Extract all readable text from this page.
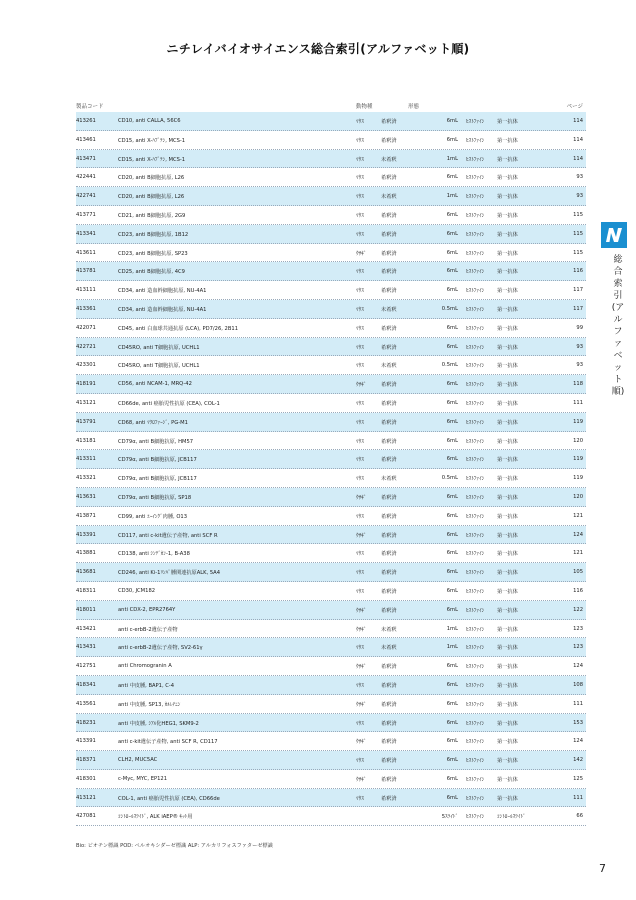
ニチレイバイオサイエンス総合索引(アルファベット順)
製品コード	動物種	形態	ページ
413261	CD10, anti CALLA, 56C6	ﾏｳｽ	希釈済	6mL ﾋｽﾄﾌｧｲﾝ 第一抗体	114
413461	CD15, anti X-ﾊﾌﾟﾃﾝ, MCS-1	ﾏｳｽ	希釈済	6mL ﾋｽﾄﾌｧｲﾝ 第一抗体	114
413471	CD15, anti X-ﾊﾌﾟﾃﾝ, MCS-1	ﾏｳｽ	未希釈	1mL ﾋｽﾄﾌｧｲﾝ 第一抗体	114
422441	CD20, anti B細胞抗原, L26	ﾏｳｽ	希釈済	6mL ﾋｽﾄﾌｧｲﾝ 第一抗体	93
422741	CD20, anti B細胞抗原, L26	ﾏｳｽ	未希釈	1mL ﾋｽﾄﾌｧｲﾝ 第一抗体	93
413771	CD21, anti B細胞抗原, 2G9	ﾏｳｽ	希釈済	6mL ﾋｽﾄﾌｧｲﾝ 第一抗体	115
413341	CD23, anti B細胞抗原, 1B12	ﾏｳｽ	希釈済	6mL ﾋｽﾄﾌｧｲﾝ 第一抗体	115
413611	CD23, anti B細胞抗原, SP23	ｳｻｷﾞ	希釈済	6mL ﾋｽﾄﾌｧｲﾝ 第一抗体	115
413781	CD25, anti B細胞抗原, 4C9	ﾏｳｽ	希釈済	6mL ﾋｽﾄﾌｧｲﾝ 第一抗体	116
413111	CD34, anti 造血幹細胞抗原, NU-4A1	ﾏｳｽ	希釈済	6mL ﾋｽﾄﾌｧｲﾝ 第一抗体	117
413361	CD34, anti 造血幹細胞抗原, NU-4A1	ﾏｳｽ	未希釈	0.5mL ﾋｽﾄﾌｧｲﾝ 第一抗体	117
422071	CD45, anti 白血球共通抗原 (LCA), PD7/26, 2B11	ﾏｳｽ	希釈済	6mL ﾋｽﾄﾌｧｲﾝ 第一抗体	99
422721	CD45RO, anti T細胞抗原, UCHL1	ﾏｳｽ	希釈済	6mL ﾋｽﾄﾌｧｲﾝ 第一抗体	93
423301	CD45RO, anti T細胞抗原, UCHL1	ﾏｳｽ	未希釈	0.5mL ﾋｽﾄﾌｧｲﾝ 第一抗体	93
418191	CD56, anti NCAM-1, MRQ-42	ｳｻｷﾞ	希釈済	6mL ﾋｽﾄﾌｧｲﾝ 第一抗体	118
413121	CD66de, anti 癌胎児性抗原 (CEA), COL-1	ﾏｳｽ	希釈済	6mL ﾋｽﾄﾌｧｲﾝ 第一抗体	111
413791	CD68, anti ﾏｸﾛﾌｧｰｼﾞ, PG-M1	ﾏｳｽ	希釈済	6mL ﾋｽﾄﾌｧｲﾝ 第一抗体	119
413181	CD79α, anti B細胞抗原, HM57	ﾏｳｽ	希釈済	6mL ﾋｽﾄﾌｧｲﾝ 第一抗体	120
413311	CD79α, anti B細胞抗原, JCB117	ﾏｳｽ	希釈済	6mL ﾋｽﾄﾌｧｲﾝ 第一抗体	119
413321	CD79α, anti B細胞抗原, JCB117	ﾏｳｽ	未希釈	0.5mL ﾋｽﾄﾌｧｲﾝ 第一抗体	119
413631	CD79α, anti B細胞抗原, SP18	ｳｻｷﾞ	希釈済	6mL ﾋｽﾄﾌｧｲﾝ 第一抗体	120
413871	CD99, anti ﾕｰｲﾝｸﾞ肉腫, O13	ﾏｳｽ	希釈済	6mL ﾋｽﾄﾌｧｲﾝ 第一抗体	121
413391	CD117, anti c-kit遺伝子産物, anti SCF R	ｳｻｷﾞ	希釈済	6mL ﾋｽﾄﾌｧｲﾝ 第一抗体	124
413881	CD138, anti ｼﾝﾃﾞｶﾝ-1, B-A38	ﾏｳｽ	希釈済	6mL ﾋｽﾄﾌｧｲﾝ 第一抗体	121
413681	CD246, anti Ki-1ﾘﾝﾊﾟ腫関連抗原ALK, 5A4	ﾏｳｽ	希釈済	6mL ﾋｽﾄﾌｧｲﾝ 第一抗体	105
418311	CD30, JCM182	ﾏｳｽ	希釈済	6mL ﾋｽﾄﾌｧｲﾝ 第一抗体	116
418011	anti CDX-2, EPR2764Y	ｳｻｷﾞ	希釈済	6mL ﾋｽﾄﾌｧｲﾝ 第一抗体	122
413421	anti c-erbB-2遺伝子産物	ｳｻｷﾞ	未希釈	1mL ﾋｽﾄﾌｧｲﾝ 第一抗体	123
413431	anti c-erbB-2遺伝子産物, SV2-61γ	ﾏｳｽ	未希釈	1mL ﾋｽﾄﾌｧｲﾝ 第一抗体	123
412751	anti Chromogranin A	ｳｻｷﾞ	希釈済	6mL ﾋｽﾄﾌｧｲﾝ 第一抗体	124
418341	anti 中皮腫, BAP1, C-4	ﾏｳｽ	希釈済	6mL ﾋｽﾄﾌｧｲﾝ 第一抗体	108
413561	anti 中皮腫, SP13, ｶﾙﾚﾁﾆﾝ	ｳｻｷﾞ	希釈済	6mL ﾋｽﾄﾌｧｲﾝ 第一抗体	111
418231	anti 中皮腫, ｼｱﾙ化HEG1, SKM9-2	ﾏｳｽ	希釈済	6mL ﾋｽﾄﾌｧｲﾝ 第一抗体	153
413391	anti c-kit遺伝子産物, anti SCF R, CD117	ｳｻｷﾞ	希釈済	6mL ﾋｽﾄﾌｧｲﾝ 第一抗体	124
418371	CLH2, MUC5AC	ﾏｳｽ	希釈済	6mL ﾋｽﾄﾌｧｲﾝ 第一抗体	142
418301	c-Myc, MYC, EP121	ｳｻｷﾞ	希釈済	6mL ﾋｽﾄﾌｧｲﾝ 第一抗体	125
413121	COL-1, anti 癌胎児性抗原 (CEA), CD66de	ﾏｳｽ	希釈済	6mL ﾋｽﾄﾌｧｲﾝ 第一抗体	111
427081	ｺﾝﾄﾛｰﾙｽﾗｲﾄﾞ, ALK iAEP® ｷｯﾄ用	5ｽﾗｲﾄﾞ ﾋｽﾄﾌｧｲﾝ ｺﾝﾄﾛｰﾙｽﾗｲﾄﾞ	66
総合索引(アルファベット順)
Bio: ビオチン標識 POD: ペルオキシダーゼ標識 ALP: アルカリフォスファターゼ標識
7
